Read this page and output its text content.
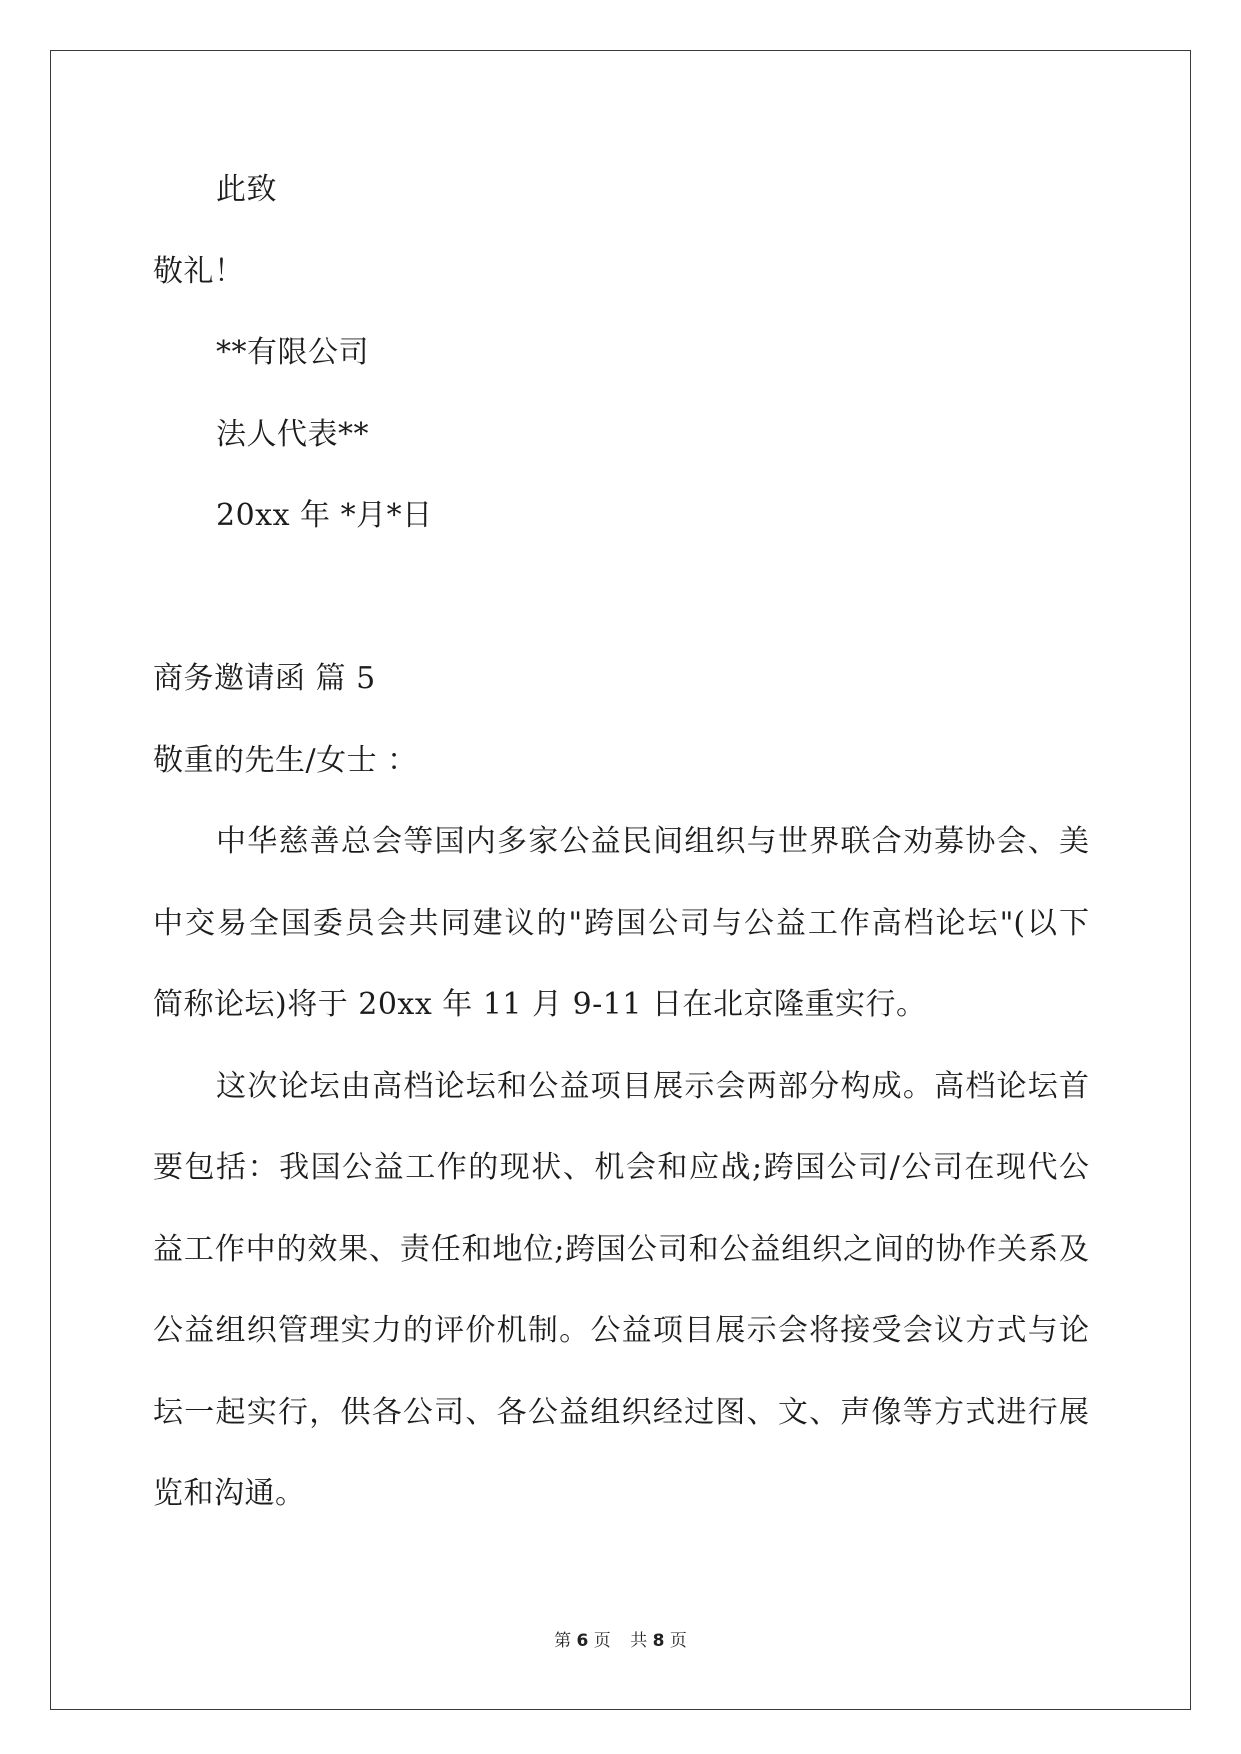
此致
敬礼！
**有限公司
法人代表**
20xx 年 *月*日
商务邀请函 篇 5
敬重的先生/女士 ：
中华慈善总会等国内多家公益民间组织与世界联合劝募协会、美
中交易全国委员会共同建议的"跨国公司与公益工作高档论坛"(以下
简称论坛)将于 20xx 年 11 月 9-11 日在北京隆重实行。
这次论坛由高档论坛和公益项目展示会两部分构成。高档论坛首
要包括：我国公益工作的现状、机会和应战;跨国公司/公司在现代公
益工作中的效果、责任和地位;跨国公司和公益组织之间的协作关系及
公益组织管理实力的评价机制。公益项目展示会将接受会议方式与论
坛一起实行，供各公司、各公益组织经过图、文、声像等方式进行展
览和沟通。
第 6 页 共 8 页
